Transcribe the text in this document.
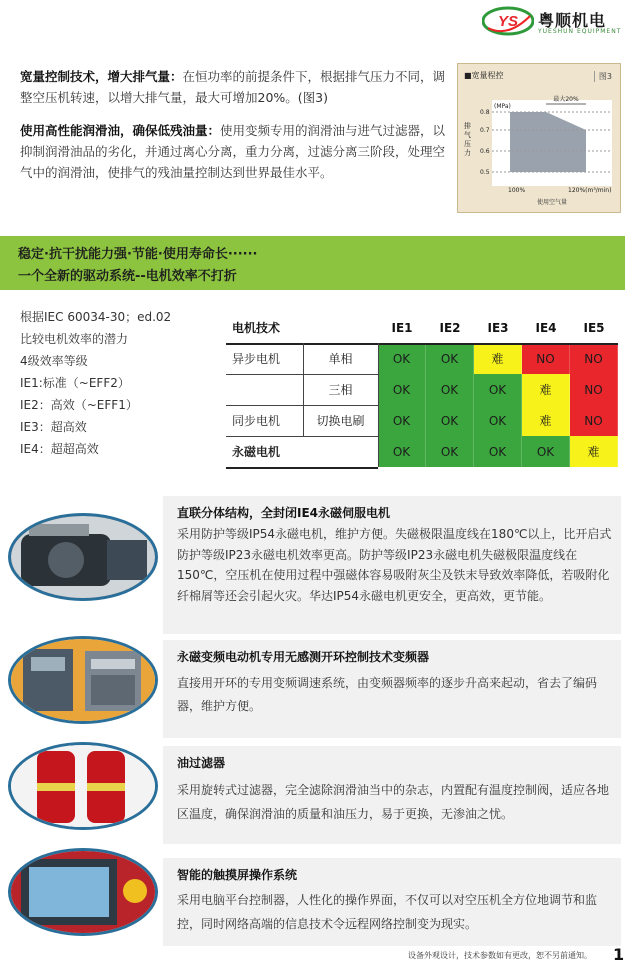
YS 粤顺机电
YUESHUN EQUIPMENT
宽量控制技术，增大排气量：在恒功率的前提条件下，根据排气压力不同，调整空压机转速，以增大排气量，最大可增加20%。(图3)
使用高性能润滑油，确保低残油量：使用变频专用的润滑油与进气过滤器，以抑制润滑油品的劣化，并通过离心分离，重力分离，过滤分离三阶段，处理空气中的润滑油，使排气的残油量控制达到世界最佳水平。
■宽量程控	图3
最大20%
(MPa)
0.8
0.7
0.6
0.5
100%	120%(m³/min)
使用空气量
排气压力
稳定·抗干扰能力强·节能·使用寿命长······
一个全新的驱动系统--电机效率不打折
根据IEC 60034-30；ed.02
比较电机效率的潜力
4级效率等级
IE1:标准（~EFF2）
IE2：高效（~EFF1）
IE3：超高效
IE4：超超高效
电机技术	IE1	IE2	IE3	IE4	IE5
异步电机	单相	OK	OK	难	NO	NO
三相	OK	OK	OK	难	NO
同步电机	切换电刷	OK	OK	OK	难	NO
永磁电机	OK	OK	OK	OK	难
直联分体结构，全封闭IE4永磁伺服电机
采用防护等级IP54永磁电机，维护方便。失磁极限温度线在180℃以上，比开启式防护等级IP23永磁电机效率更高。防护等级IP23永磁电机失磁极限温度线在150℃，空压机在使用过程中强磁体容易吸附灰尘及铁末导致效率降低，若吸附化纤棉屑等还会引起火灾。华达IP54永磁电机更安全，更高效，更节能。
永磁变频电动机专用无感测开环控制技术变频器
直接用开环的专用变频调速系统，由变频器频率的逐步升高来起动，省去了编码器，维护方便。
油过滤器
采用旋转式过滤器，完全滤除润滑油当中的杂志，内置配有温度控制阀，适应各地区温度，确保润滑油的质量和油压力，易于更换，无渗油之忧。
智能的触摸屏操作系统
采用电脑平台控制器，人性化的操作界面，不仅可以对空压机全方位地调节和监控，同时网络高端的信息技术令远程网络控制变为现实。
设备外观设计，技术参数如有更改，恕不另前通知。 1
